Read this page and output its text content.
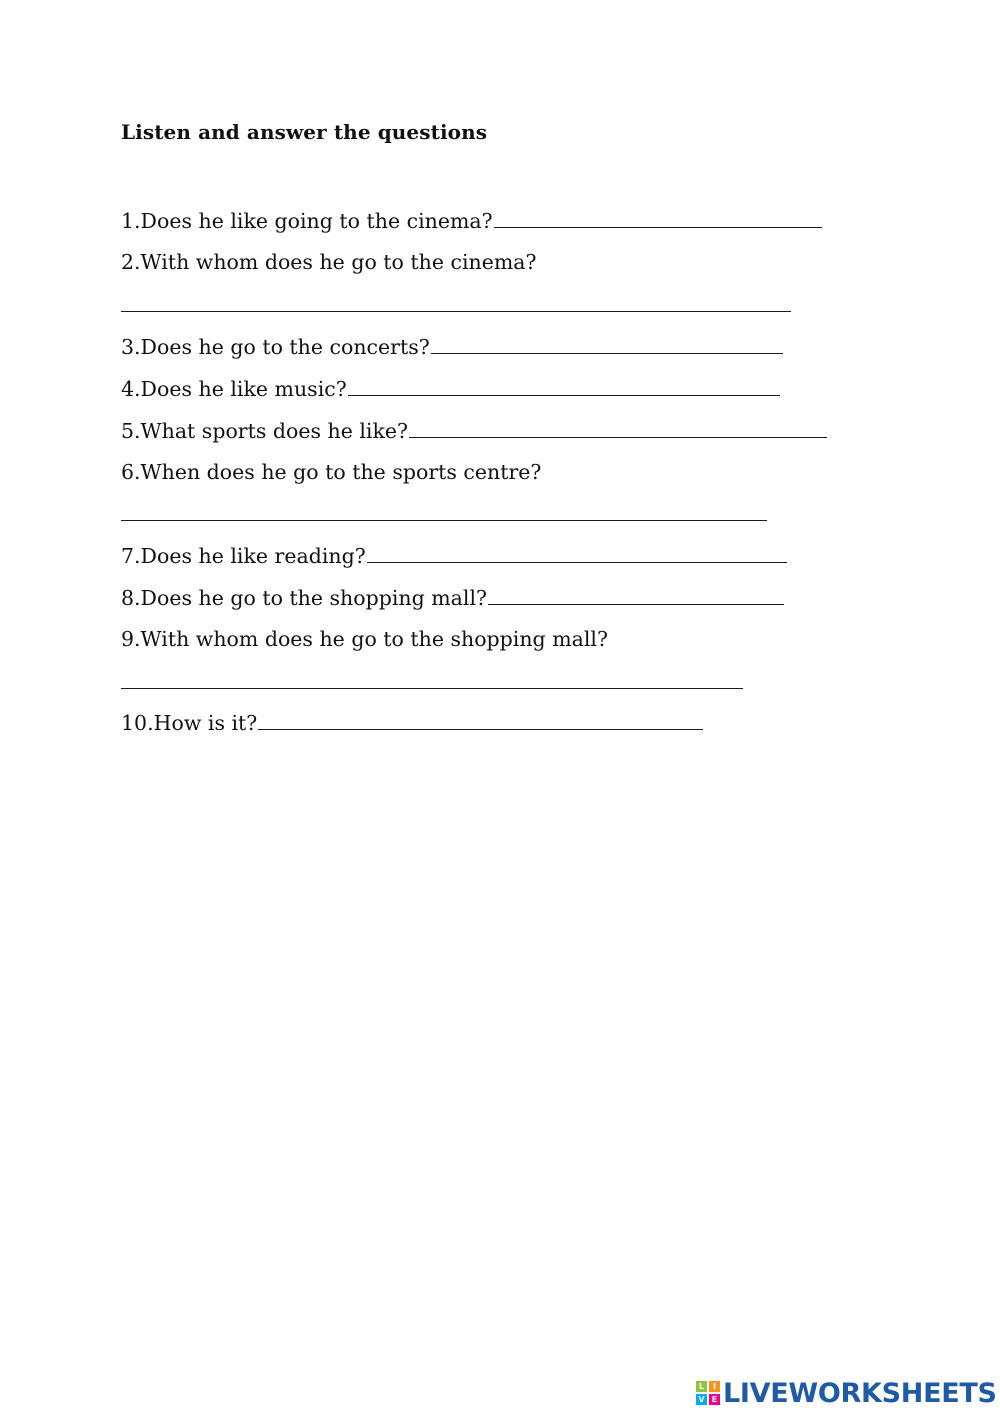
Listen and answer the questions
1.Does he like going to the cinema?
2.With whom does he go to the cinema?
3.Does he go to the concerts?
4.Does he like music?
5.What sports does he like?
6.When does he go to the sports centre?
7.Does he like reading?
8.Does he go to the shopping mall?
9.With whom does he go to the shopping mall?
10.How is it?
L	I
V E LIVEWORKSHEETS
